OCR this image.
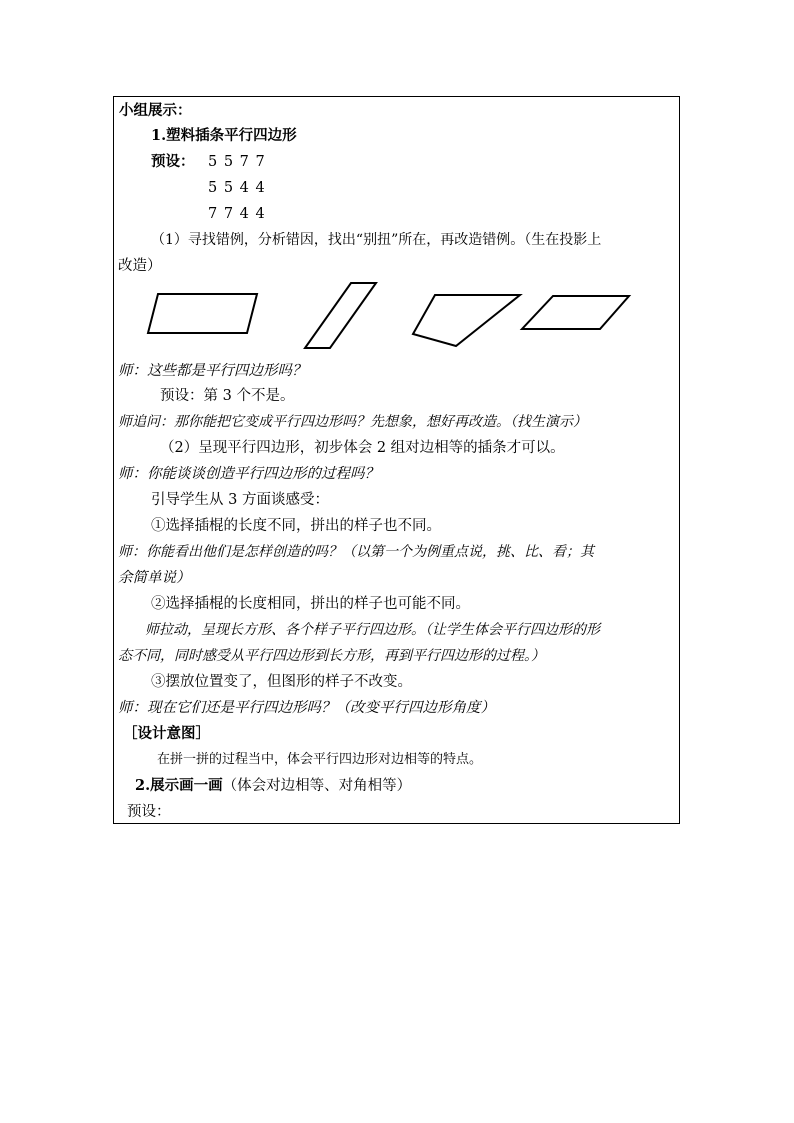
小组展示：
1.塑料插条平行四边形
预设： 5 5 7 7
5 5 4 4
7 7 4 4
（1）寻找错例，分析错因，找出“别扭”所在，再改造错例。（生在投影上
改造）
师：这些都是平行四边形吗？
预设：第 3 个不是。
师追问：那你能把它变成平行四边形吗？先想象，想好再改造。（找生演示）
（2）呈现平行四边形，初步体会 2 组对边相等的插条才可以。
师：你能谈谈创造平行四边形的过程吗？
引导学生从 3 方面谈感受：
①选择插棍的长度不同，拼出的样子也不同。
师：你能看出他们是怎样创造的吗？（以第一个为例重点说，挑、比、看；其
余简单说）
②选择插棍的长度相同，拼出的样子也可能不同。
师拉动，呈现长方形、各个样子平行四边形。（让学生体会平行四边形的形
态不同，同时感受从平行四边形到长方形，再到平行四边形的过程。）
③摆放位置变了，但图形的样子不改变。
师：现在它们还是平行四边形吗？（改变平行四边形角度）
［设计意图］
在拼一拼的过程当中，体会平行四边形对边相等的特点。
2.展示画一画（体会对边相等、对角相等）
预设：
